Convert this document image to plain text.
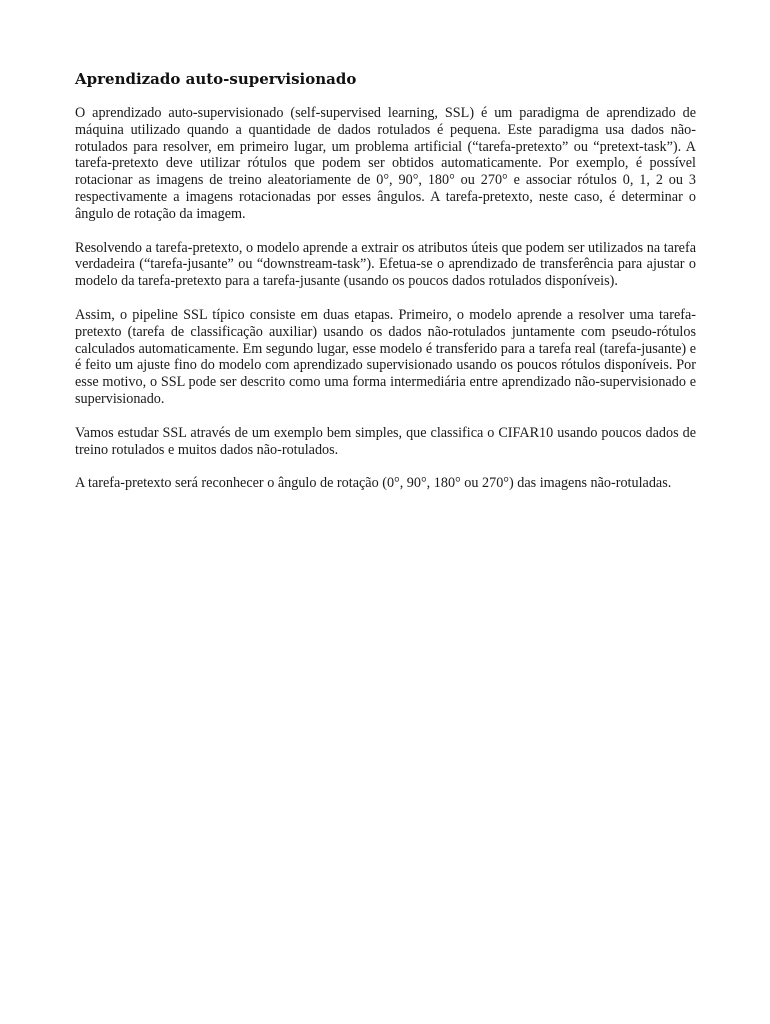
Aprendizado auto-supervisionado

O aprendizado auto-supervisionado (self-supervised learning, SSL) é um paradigma de aprendizado de máquina utilizado quando a quantidade de dados rotulados é pequena. Este paradigma usa dados não-rotulados para resolver, em primeiro lugar, um problema artificial (“tarefa-pretexto” ou “pretext-task”). A tarefa-pretexto deve utilizar rótulos que podem ser obtidos automaticamente. Por exemplo, é possível rotacionar as imagens de treino aleatoriamente de 0°, 90°, 180° ou 270° e associar rótulos 0, 1, 2 ou 3 respectivamente a imagens rotacionadas por esses ângulos. A tarefa-pretexto, neste caso, é determinar o ângulo de rotação da imagem.

Resolvendo a tarefa-pretexto, o modelo aprende a extrair os atributos úteis que podem ser utilizados na tarefa verdadeira (“tarefa-jusante” ou “downstream-task”). Efetua-se o aprendizado de transferência para ajustar o modelo da tarefa-pretexto para a tarefa-jusante (usando os poucos dados rotulados disponíveis).

Assim, o pipeline SSL típico consiste em duas etapas. Primeiro, o modelo aprende a resolver uma tarefa-pretexto (tarefa de classificação auxiliar) usando os dados não-rotulados juntamente com pseudo-rótulos calculados automaticamente. Em segundo lugar, esse modelo é transferido para a tarefa real (tarefa-jusante) e é feito um ajuste fino do modelo com aprendizado supervisionado usando os poucos rótulos disponíveis. Por esse motivo, o SSL pode ser descrito como uma forma intermediária entre aprendizado não-supervisionado e supervisionado.

Vamos estudar SSL através de um exemplo bem simples, que classifica o CIFAR10 usando poucos dados de treino rotulados e muitos dados não-rotulados.

A tarefa-pretexto será reconhecer o ângulo de rotação (0°, 90°, 180° ou 270°) das imagens não-rotuladas.
